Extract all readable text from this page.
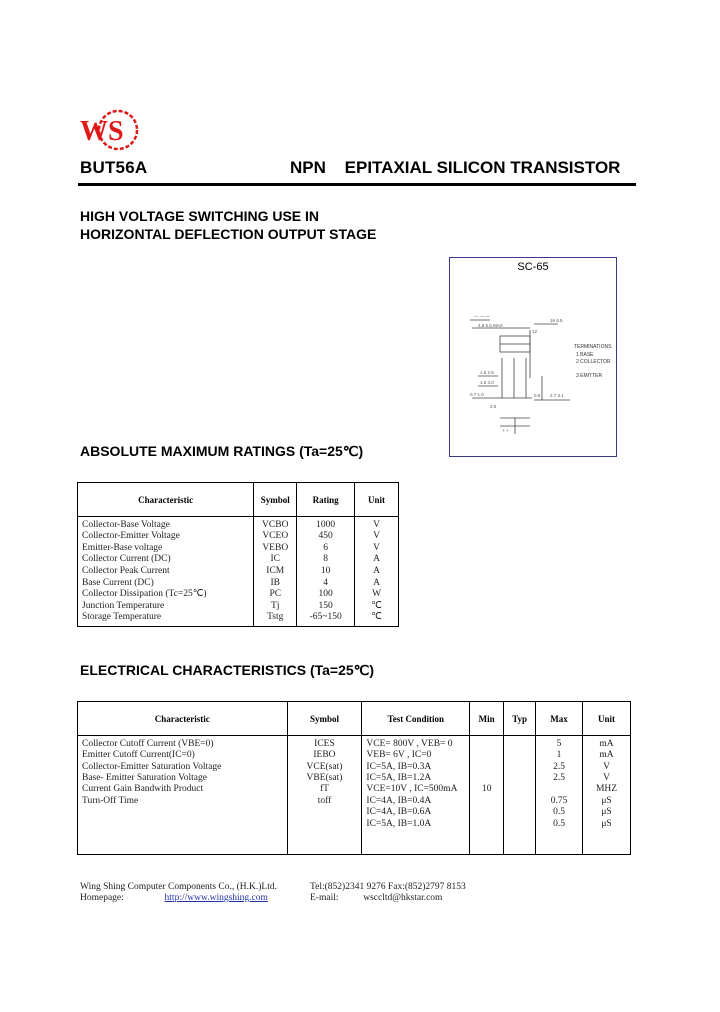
WS
BUT56A	NPN EPITAXIAL SILICON TRANSISTOR
HIGH VOLTAGE SWITCHING USE IN
HORIZONTAL DEFLECTION OUTPUT STAGE
SC-65
— — —
4.6 5.5 MAX
12
16 6.5
1.5 2.5
1.5 3.0
0.7 1.0
2.0
0.6 2.7 3.1
+ +
TERMINATIONS
1 BASE
2 COLLECTOR
3 EMITTER
ABSOLUTE MAXIMUM RATINGS (Ta=25℃)
Characteristic	Symbol	Rating	Unit
Collector-Base Voltage	VCBO	1000	V
Collector-Emitter Voltage	VCEO	450	V
Emitter-Base voltage	VEBO	6	V
Collector Current (DC)	IC	8	A
Collector Peak Current	ICM	10	A
Base Current (DC)	IB	4	A
Collector Dissipation (Tc=25℃)	PC	100	W
Junction Temperature	Tj	150	℃
Storage Temperature	Tstg	-65~150	℃
ELECTRICAL CHARACTERISTICS (Ta=25℃)
Characteristic	Symbol	Test Condition	Min	Typ	Max	Unit
Collector Cutoff Current (VBE=0)	ICES	VCE= 800V , VEB= 0			5	mA
Emitter Cutoff Current(IC=0)	IEBO	VEB= 6V , IC=0			1	mA
Collector-Emitter Saturation Voltage	VCE(sat)	IC=5A, IB=0.3A			2.5	V
Base- Emitter Saturation Voltage	VBE(sat)	IC=5A, IB=1.2A			2.5	V
Current Gain Bandwith Product	fT	VCE=10V , IC=500mA	10			MHZ
Turn-Off Time	toff	IC=4A, IB=0.4A			0.75	μS
		IC=4A, IB=0.6A			0.5	μS
		IC=5A, IB=1.0A			0.5	μS

Wing Shing Computer Components Co., (H.K.)Ltd.
Homepage:	http://www.wingshing.com
Tel:(852)2341 9276 Fax:(852)2797 8153
E-mail:	wsccltd@hkstar.com
